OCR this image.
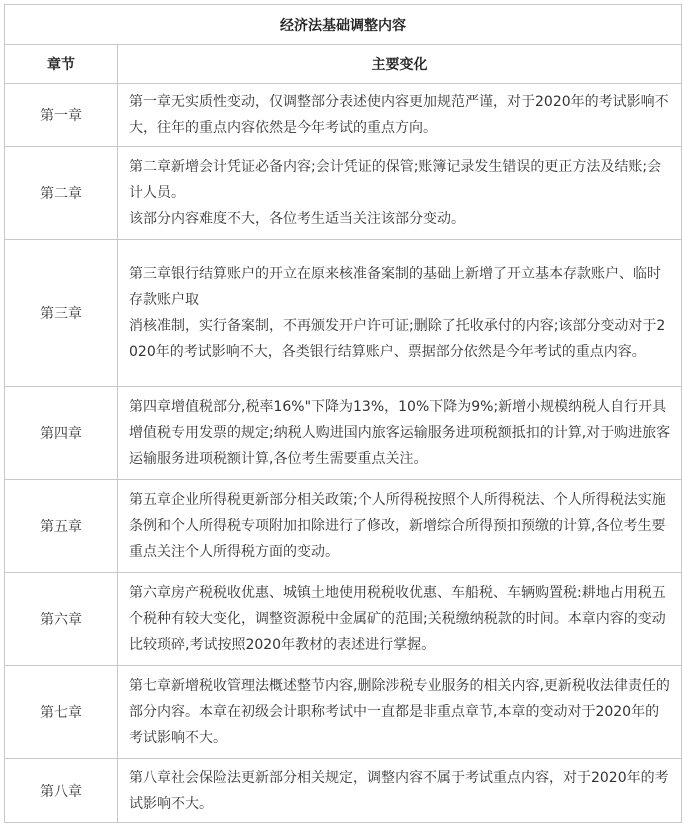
经济法基础调整内容	
章节	主要变化
第一章	第一章无实质性变动，仅调整部分表述使内容更加规范严谨，对于2020年的考试影响不大，往年的重点内容依然是今年考试的重点方向。

第二章	第二章新增会计凭证必备内容;会计凭证的保管;账簿记录发生错误的更正方法及结账;会计人员。
该部分内容难度不大，各位考生适当关注该部分变动。

第三章	第三章银行结算账户的开立在原来核准备案制的基础上新增了开立基本存款账户、临时存款账户取
消核准制，实行备案制，不再颁发开户许可证;删除了托收承付的内容;该部分变动对于2020年的考试影响不大，各类银行结算账户、票据部分依然是今年考试的重点内容。

第四章	第四章增值税部分,税率16%"下降为13%，10%下降为9%;新增小规模纳税人自行开具增值税专用发票的规定;纳税人购进国内旅客运输服务进项税额抵扣的计算,对于购进旅客运输服务进项税额计算,各位考生需要重点关注。

第五章	第五章企业所得税更新部分相关政策;个人所得税按照个人所得税法、个人所得税法实施条例和个人所得税专项附加扣除进行了修改，新增综合所得预扣预缴的计算,各位考生要重点关注个人所得税方面的变动。

第六章	第六章房产税税收优惠、城镇土地使用税税收优惠、车船税、车辆购置税:耕地占用税五个税种有较大变化，调整资源税中金属矿的范围;关税缴纳税款的时间。本章内容的变动比较琐碎,考试按照2020年教材的表述进行掌握。

第七章	第七章新增税收管理法概述整节内容,删除涉税专业服务的相关内容,更新税收法律责任的部分内容。本章在初级会计职称考试中一直都是非重点章节,本章的变动对于2020年的考试影响不大。

第八章	第八章社会保险法更新部分相关规定，调整内容不属于考试重点内容，对于2020年的考试影响不大。
